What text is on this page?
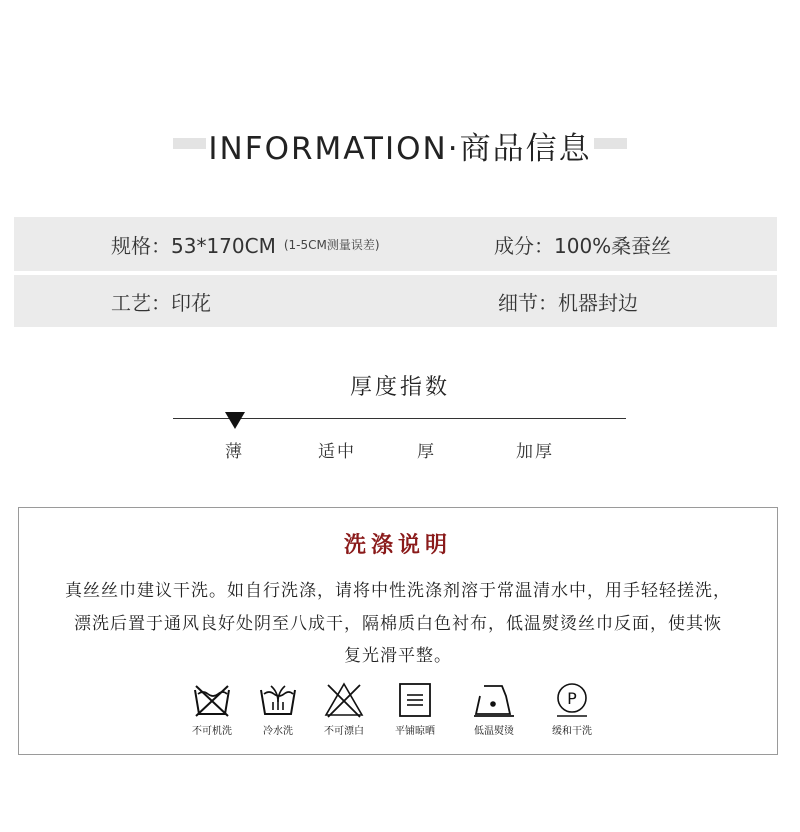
INFORMATION·商品信息
规格：53*170CM (1-5CM测量误差)	成分：100%桑蚕丝
工艺：印花	细节：机器封边
厚度指数
薄	适中	厚	加厚
洗涤说明
真丝丝巾建议干洗。如自行洗涤，请将中性洗涤剂溶于常温清水中，用手轻轻搓洗，
漂洗后置于通风良好处阴至八成干，隔棉质白色衬布，低温熨烫丝巾反面，使其恢
复光滑平整。
不可机洗	冷水洗	不可漂白	平铺晾晒	低温熨烫
P
缓和干洗
